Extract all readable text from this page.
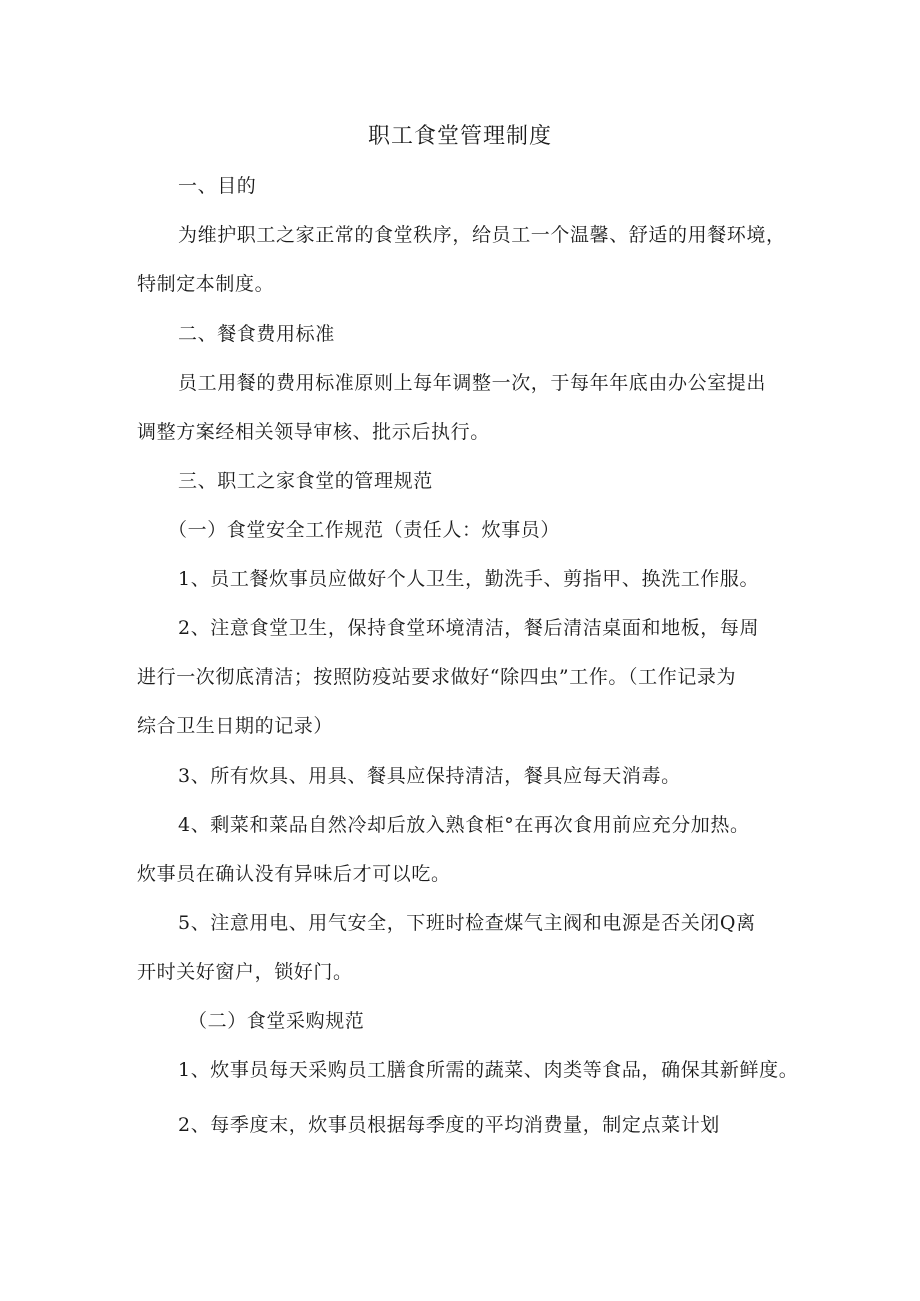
职工食堂管理制度
一、目的
为维护职工之家正常的食堂秩序，给员工一个温馨、舒适的用餐环境，
特制定本制度。
二、餐食费用标准
员工用餐的费用标准原则上每年调整一次，于每年年底由办公室提出
调整方案经相关领导审核、批示后执行。
三、职工之家食堂的管理规范
（一）食堂安全工作规范（责任人：炊事员）
1、员工餐炊事员应做好个人卫生，勤洗手、剪指甲、换洗工作服。
2、注意食堂卫生，保持食堂环境清洁，餐后清洁桌面和地板，每周
进行一次彻底清洁；按照防疫站要求做好“除四虫”工作。（工作记录为
综合卫生日期的记录）
3、所有炊具、用具、餐具应保持清洁，餐具应每天消毒。
4、剩菜和菜品自然冷却后放入熟食柜°在再次食用前应充分加热。
炊事员在确认没有异味后才可以吃。
5、注意用电、用气安全，下班时检查煤气主阀和电源是否关闭Q离
开时关好窗户，锁好门。
（二）食堂采购规范
1、炊事员每天采购员工膳食所需的蔬菜、肉类等食品，确保其新鲜度。
2、每季度末，炊事员根据每季度的平均消费量，制定点菜计划
